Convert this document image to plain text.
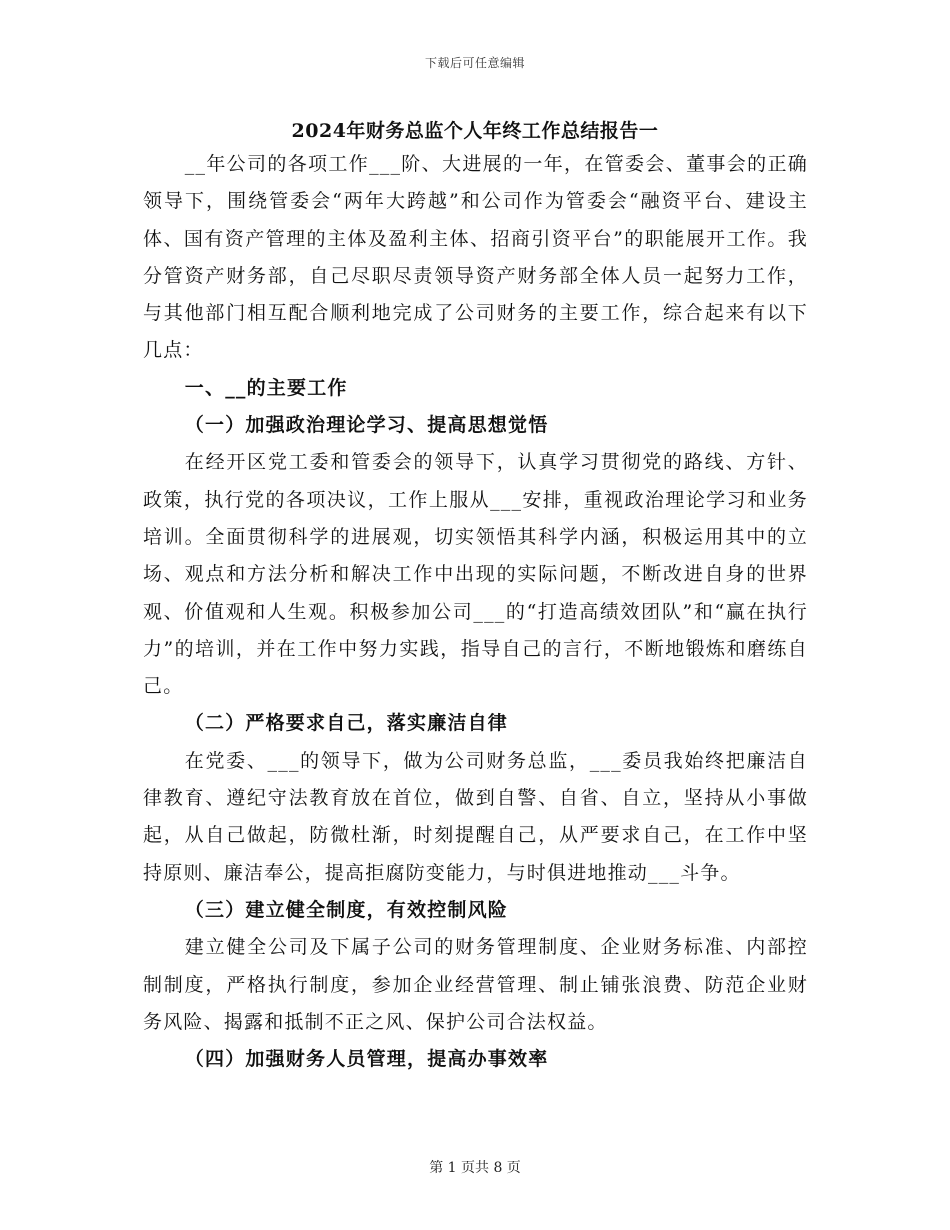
下载后可任意编辑
2024年财务总监个人年终工作总结报告一

__年公司的各项工作___阶、大进展的一年，在管委会、董事会的正确领导下，围绕管委会“两年大跨越”和公司作为管委会“融资平台、建设主体、国有资产管理的主体及盈利主体、招商引资平台”的职能展开工作。我分管资产财务部，自己尽职尽责领导资产财务部全体人员一起努力工作，与其他部门相互配合顺利地完成了公司财务的主要工作，综合起来有以下几点：

一、__的主要工作

（一）加强政治理论学习、提高思想觉悟

在经开区党工委和管委会的领导下，认真学习贯彻党的路线、方针、政策，执行党的各项决议，工作上服从___安排，重视政治理论学习和业务培训。全面贯彻科学的进展观，切实领悟其科学内涵，积极运用其中的立场、观点和方法分析和解决工作中出现的实际问题，不断改进自身的世界观、价值观和人生观。积极参加公司___的“打造高绩效团队”和“赢在执行力”的培训，并在工作中努力实践，指导自己的言行，不断地锻炼和磨练自己。

（二）严格要求自己，落实廉洁自律

在党委、___的领导下，做为公司财务总监，___委员我始终把廉洁自律教育、遵纪守法教育放在首位，做到自警、自省、自立，坚持从小事做起，从自己做起，防微杜渐，时刻提醒自己，从严要求自己，在工作中坚持原则、廉洁奉公，提高拒腐防变能力，与时俱进地推动___斗争。

（三）建立健全制度，有效控制风险

建立健全公司及下属子公司的财务管理制度、企业财务标准、内部控制制度，严格执行制度，参加企业经营管理、制止铺张浪费、防范企业财务风险、揭露和抵制不正之风、保护公司合法权益。

（四）加强财务人员管理，提高办事效率

第 1 页共 8 页
